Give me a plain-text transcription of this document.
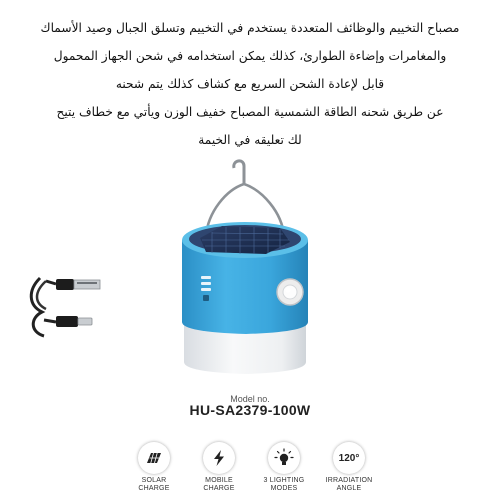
مصباح التخييم والوظائف المتعددة يستخدم في التخييم وتسلق الجبال وصيد الأسماك
والمغامرات وإضاءة الطوارئ، كذلك يمكن استخدامه في شحن الجهاز المحمول
قابل لإعادة الشحن السريع مع كشاف كذلك يتم شحنه
عن طريق شحنه الطاقة الشمسية المصباح خفيف الوزن ويأتي مع خطاف يتيح
لك تعليقه في الخيمة
Model no.
HU-SA2379-100W
SOLAR
CHARGE
MOBILE
CHARGE
3 LIGHTING
MODES
120°
IRRADIATION
ANGLE
